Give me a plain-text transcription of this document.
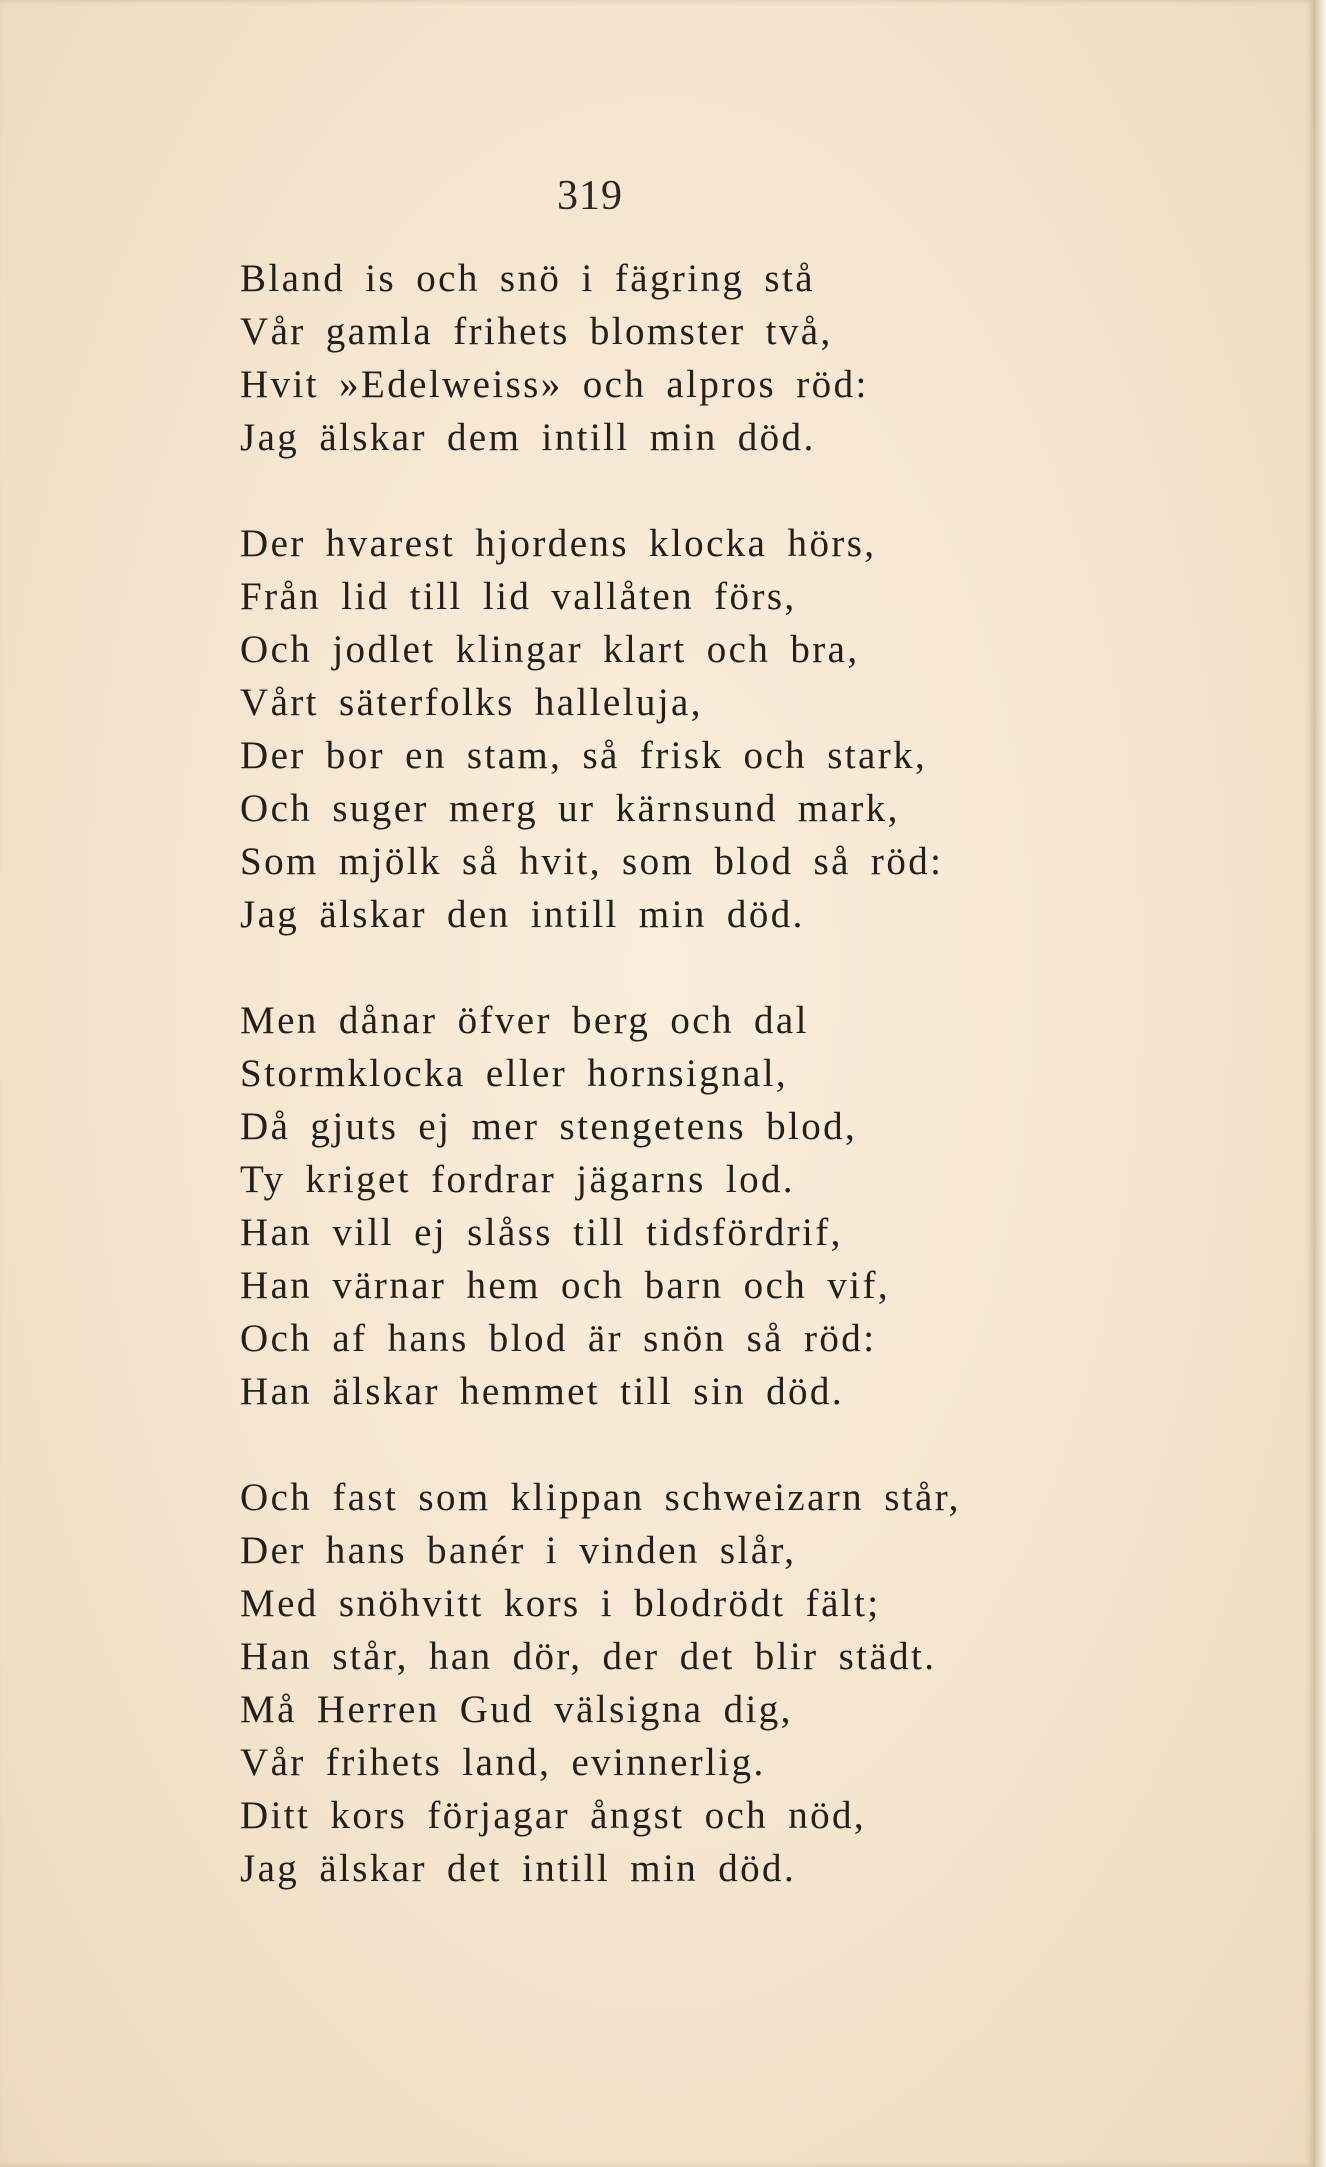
319
Bland is och snö i fägring stå
Vår gamla frihets blomster två,
Hvit »Edelweiss» och alpros röd:
Jag älskar dem intill min död.
Der hvarest hjordens klocka hörs,
Från lid till lid vallåten förs,
Och jodlet klingar klart och bra,
Vårt säterfolks halleluja,
Der bor en stam, så frisk och stark,
Och suger merg ur kärnsund mark,
Som mjölk så hvit, som blod så röd:
Jag älskar den intill min död.
Men dånar öfver berg och dal
Stormklocka eller hornsignal,
Då gjuts ej mer stengetens blod,
Ty kriget fordrar jägarns lod.
Han vill ej slåss till tidsfördrif,
Han värnar hem och barn och vif,
Och af hans blod är snön så röd:
Han älskar hemmet till sin död.
Och fast som klippan schweizarn står,
Der hans banér i vinden slår,
Med snöhvitt kors i blodrödt fält;
Han står, han dör, der det blir städt.
Må Herren Gud välsigna dig,
Vår frihets land, evinnerlig.
Ditt kors förjagar ångst och nöd,
Jag älskar det intill min död.
